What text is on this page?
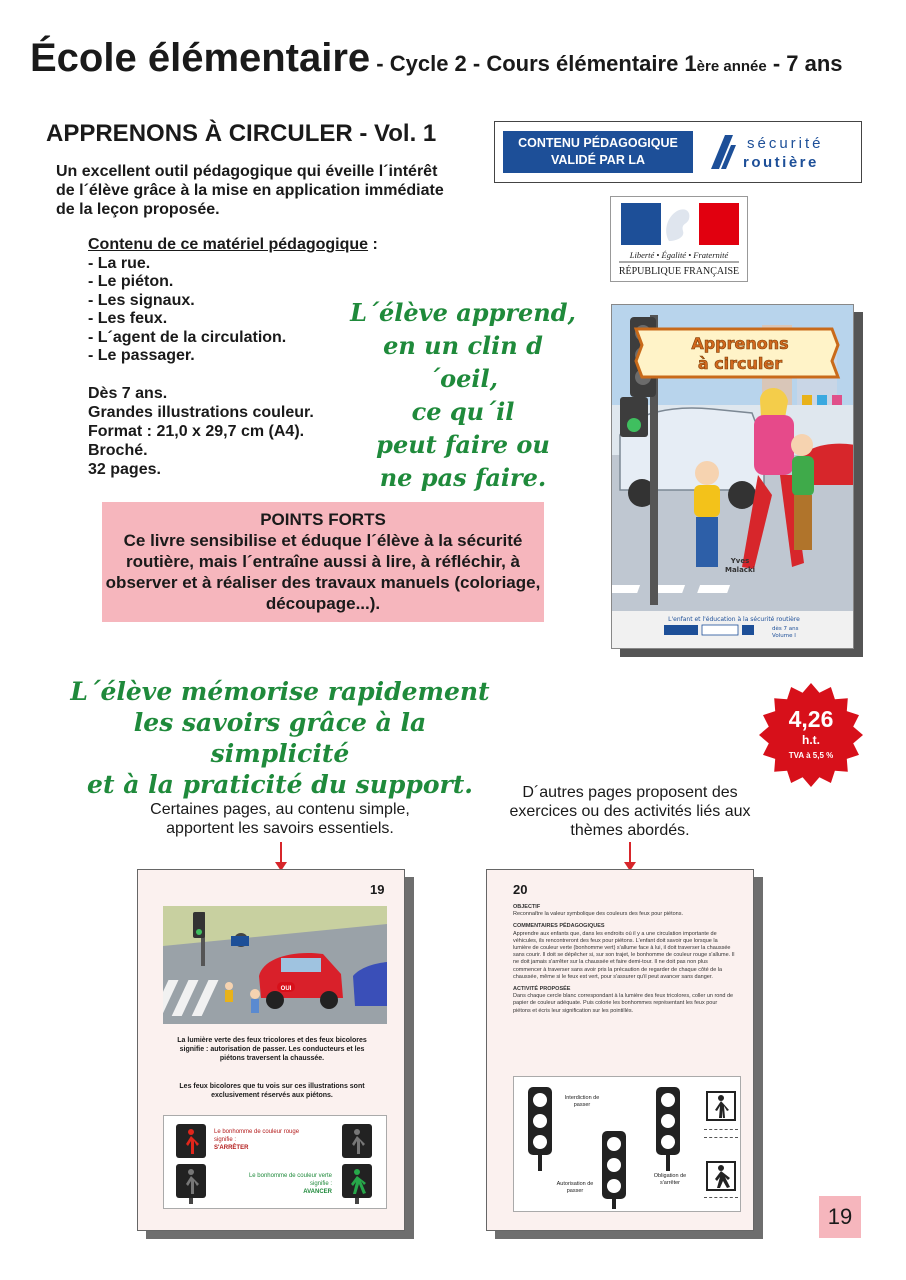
École élémentaire - Cycle 2 - Cours élémentaire 1ère année - 7 ans
APPRENONS À CIRCULER - Vol. 1
Un excellent outil pédagogique qui éveille l´intérêt de l´élève grâce à la mise en application immédiate de la leçon proposée.
Contenu de ce matériel pédagogique :
- La rue.
- Le piéton.
- Les signaux.
- Les feux.
- L´agent de la circulation.
- Le passager.
Dès 7 ans.
Grandes illustrations couleur.
Format : 21,0 x 29,7 cm (A4).
Broché.
32 pages.
L´élève apprend,
en un clin d´oeil,
ce qu´il
peut faire ou
ne pas faire.
POINTS FORTS
Ce livre sensibilise et éduque l´élève à la sécurité routière, mais l´entraîne aussi à lire, à réfléchir, à observer et à réaliser des travaux manuels (coloriage, découpage...).
CONTENU PÉDAGOGIQUE VALIDÉ PAR LA
sécurité
routière
Liberté • Égalité • Fraternité
RÉPUBLIQUE FRANÇAISE
Apprenons
à circuler
Yves
Malacki
L'enfant et l'éducation à la sécurité routière
dès 7 ans
Volume I
L´élève mémorise rapidement
les savoirs grâce à la simplicité
et à la praticité du support.
4,26
h.t.
TVA à 5,5 %
Certaines pages, au contenu simple, apportent les savoirs essentiels.
D´autres pages proposent des exercices ou des activités liés aux thèmes abordés.
19
OUI
La lumière verte des feux tricolores et des feux bicolores signifie : autorisation de passer. Les conducteurs et les piétons traversent la chaussée.
Les feux bicolores que tu vois sur ces illustrations sont exclusivement réservés aux piétons.
Le bonhomme de couleur rouge signifie :
S'ARRÊTER
Le bonhomme de couleur verte signifie :
AVANCER
20
OBJECTIF
Reconnaître la valeur symbolique des couleurs des feux pour piétons.
COMMENTAIRES PÉDAGOGIQUES
Apprendre aux enfants que, dans les endroits où il y a une circulation importante de véhicules, ils rencontreront des feux pour piétons. L'enfant doit savoir que lorsque la lumière de couleur verte (bonhomme vert) s'allume face à lui, il doit traverser la chaussée sans courir. Il doit se dépêcher si, sur son trajet, le bonhomme de couleur rouge s'allume. Il ne doit jamais s'arrêter sur la chaussée et faire demi-tour. Il ne doit pas non plus commencer à traverser sans avoir pris la précaution de regarder de chaque côté de la chaussée, même si le feux est vert, pour s'assurer qu'il peut avancer sans danger.
ACTIVITÉ PROPOSÉE
Dans chaque cercle blanc correspondant à la lumière des feux tricolores, coller un rond de papier de couleur adéquate. Puis colorie les bonhommes représentant les feux pour piétons et écris leur signification sur les pointillés.
Interdiction de passer
Autorisation de passer
Obligation de s'arrêter
19
